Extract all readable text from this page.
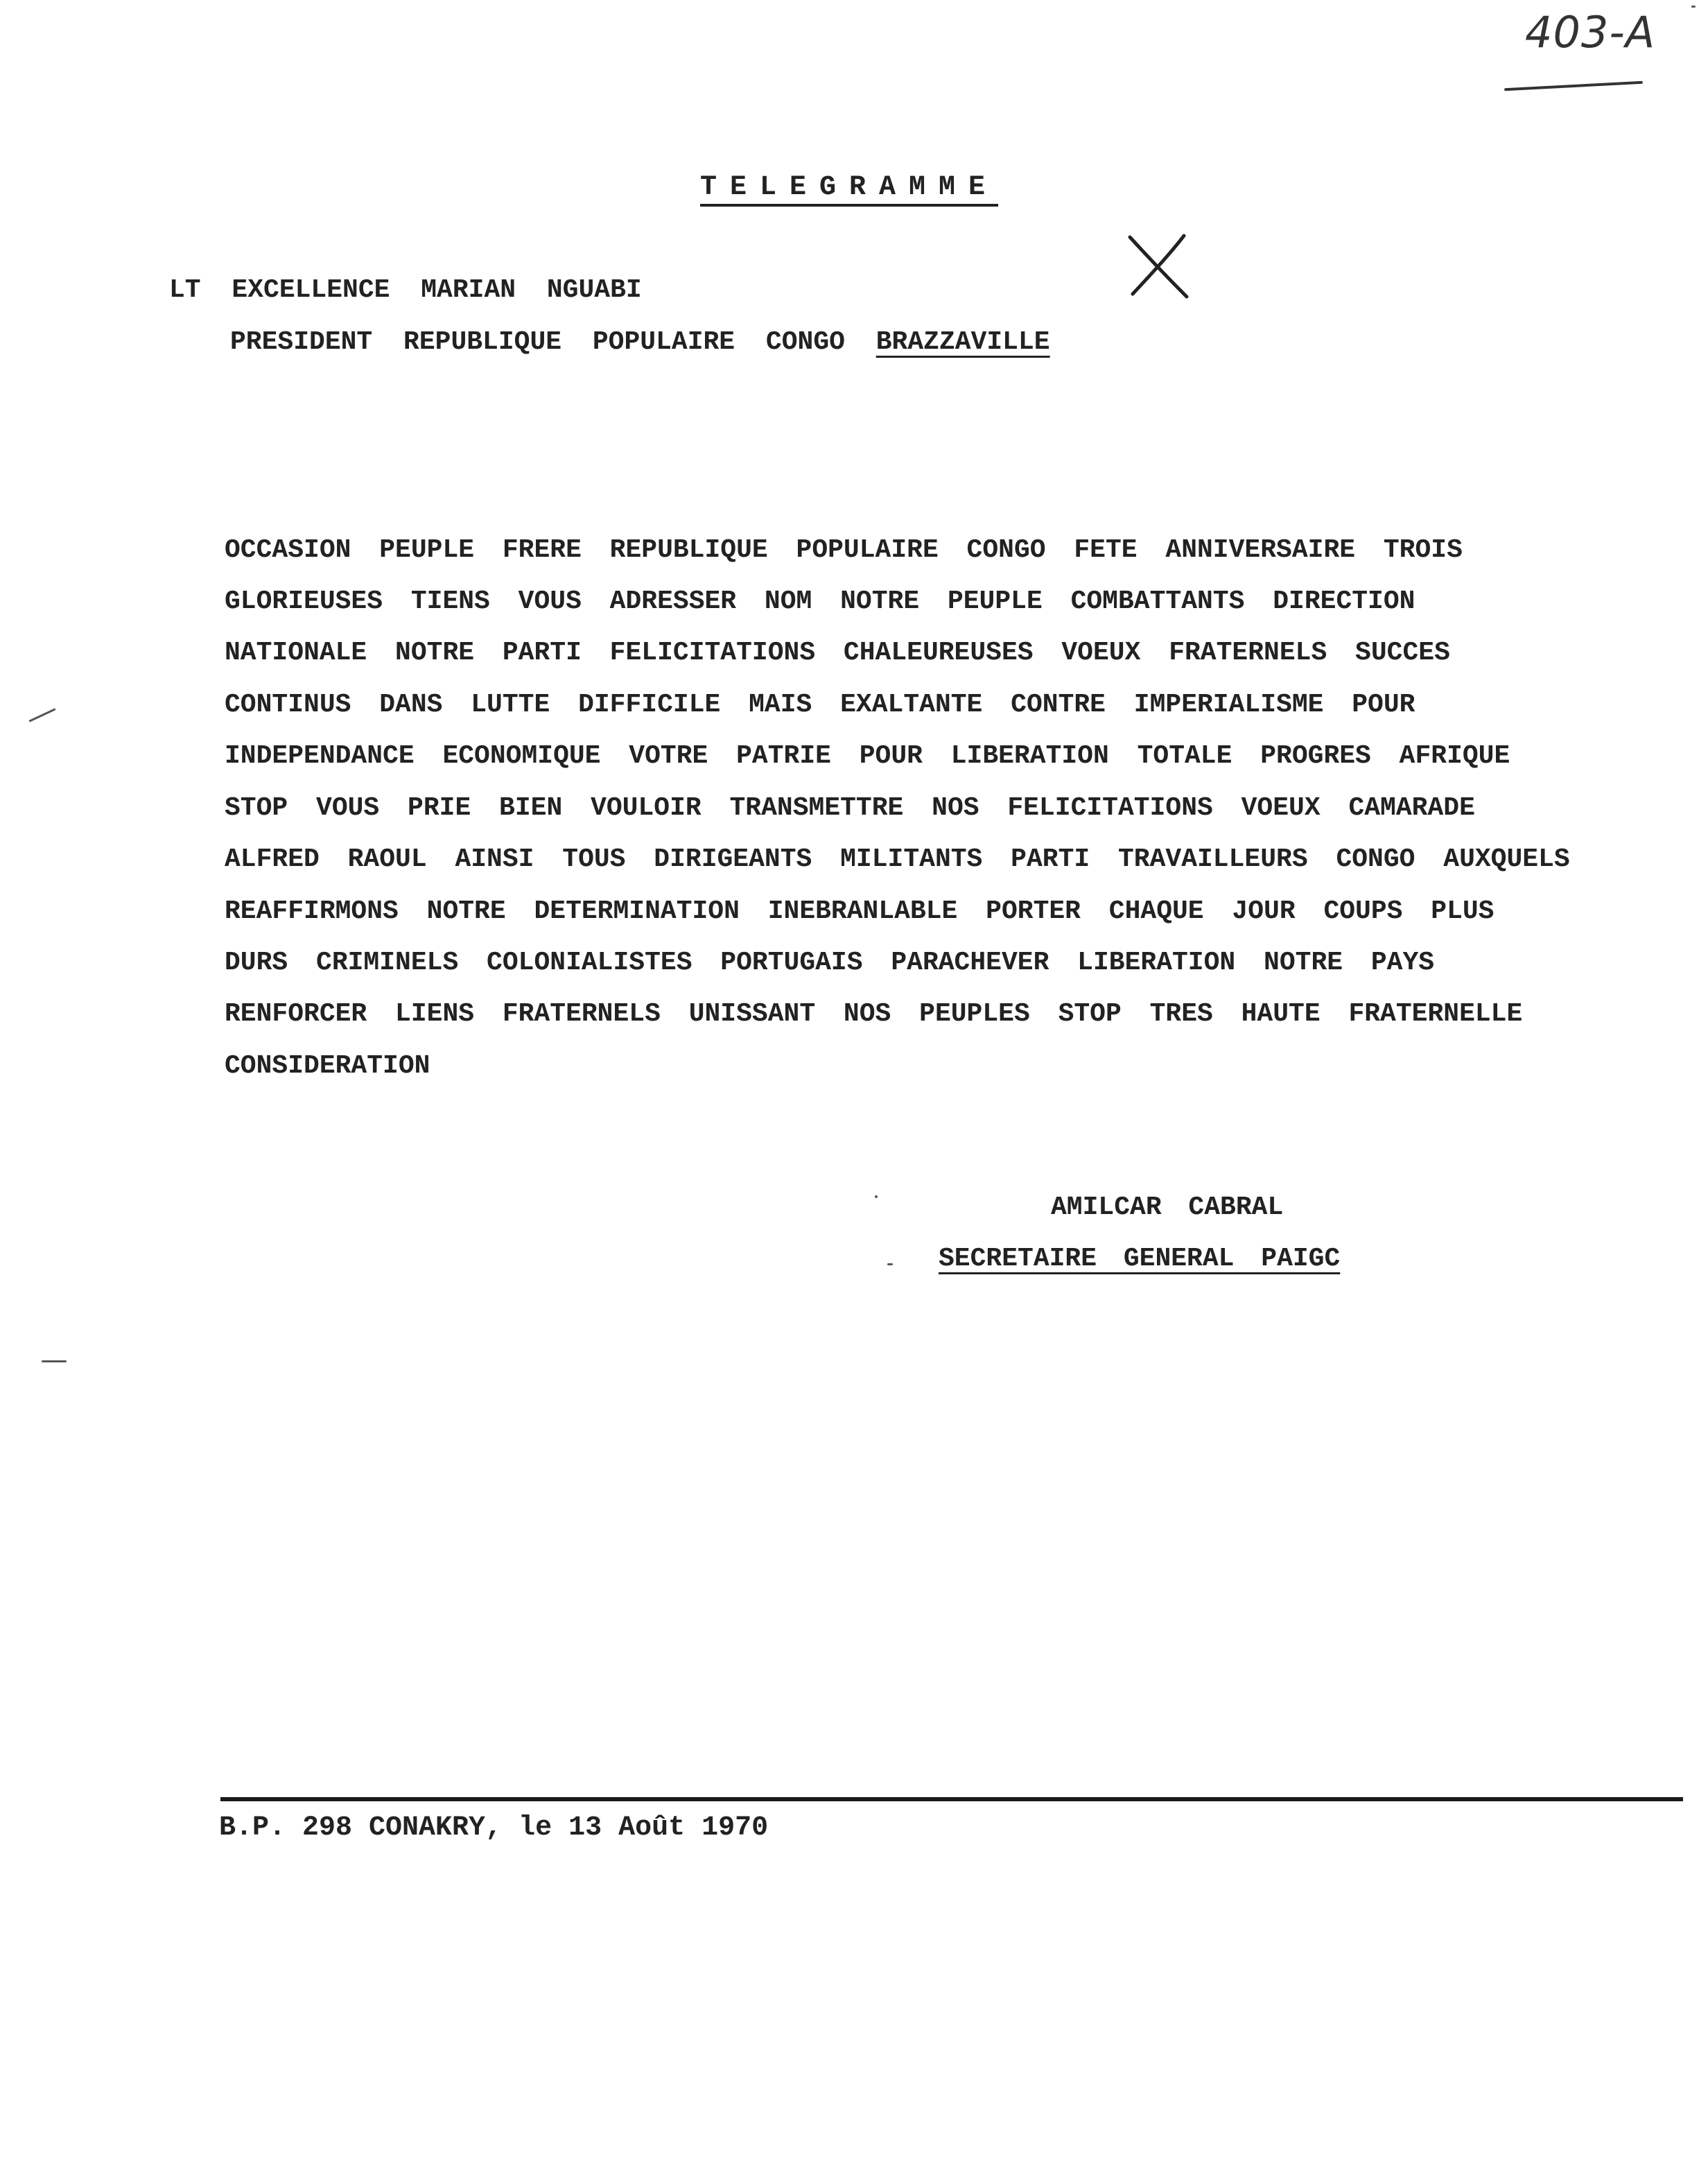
403-A
TELEGRAMME
LT EXCELLENCE MARIAN NGUABI
PRESIDENT REPUBLIQUE POPULAIRE CONGO BRAZZAVILLE
OCCASION PEUPLE FRERE REPUBLIQUE POPULAIRE CONGO FETE ANNIVERSAIRE TROIS
GLORIEUSES TIENS VOUS ADRESSER NOM NOTRE PEUPLE COMBATTANTS DIRECTION
NATIONALE NOTRE PARTI FELICITATIONS CHALEUREUSES VOEUX FRATERNELS SUCCES
CONTINUS DANS LUTTE DIFFICILE MAIS EXALTANTE CONTRE IMPERIALISME POUR
INDEPENDANCE ECONOMIQUE VOTRE PATRIE POUR LIBERATION TOTALE PROGRES AFRIQUE
STOP VOUS PRIE BIEN VOULOIR TRANSMETTRE NOS FELICITATIONS VOEUX CAMARADE
ALFRED RAOUL AINSI TOUS DIRIGEANTS MILITANTS PARTI TRAVAILLEURS CONGO AUXQUELS
REAFFIRMONS NOTRE DETERMINATION INEBRANLABLE PORTER CHAQUE JOUR COUPS PLUS
DURS CRIMINELS COLONIALISTES PORTUGAIS PARACHEVER LIBERATION NOTRE PAYS
RENFORCER LIENS FRATERNELS UNISSANT NOS PEUPLES STOP TRES HAUTE FRATERNELLE
CONSIDERATION
AMILCAR CABRAL
SECRETAIRE GENERAL PAIGC
B.P. 298 CONAKRY, le 13 Août 1970
